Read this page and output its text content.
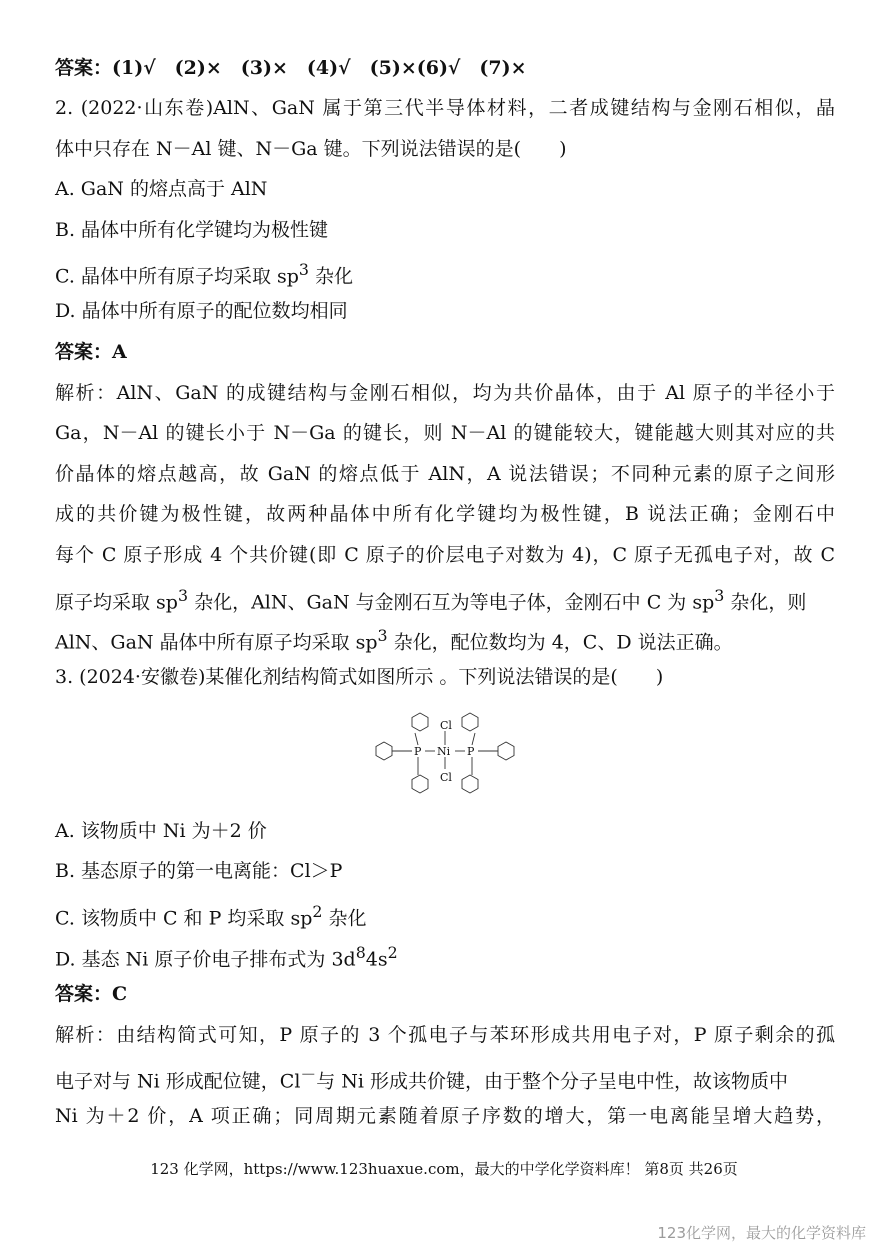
答案：(1)√　(2)×　(3)×　(4)√　(5)×(6)√　(7)×
2. (2022·山东卷)AlN、GaN 属于第三代半导体材料，二者成键结构与金刚石相似，晶
体中只存在 N－Al 键、N－Ga 键。下列说法错误的是(　　)
A. GaN 的熔点高于 AlN
B. 晶体中所有化学键均为极性键
C. 晶体中所有原子均采取 $sp^3$ 杂化
D. 晶体中所有原子的配位数均相同
答案：A
解析：AlN、GaN 的成键结构与金刚石相似，均为共价晶体，由于 Al 原子的半径小于
Ga，N－Al 的键长小于 N－Ga 的键长，则 N－Al 的键能较大，键能越大则其对应的共
价晶体的熔点越高，故 GaN 的熔点低于 AlN，A 说法错误；不同种元素的原子之间形
成的共价键为极性键，故两种晶体中所有化学键均为极性键，B 说法正确；金刚石中
每个 C 原子形成 4 个共价键(即 C 原子的价层电子对数为 4)，C 原子无孤电子对，故 C
原子均采取 $sp^3$ 杂化，AlN、GaN 与金刚石互为等电子体，金刚石中 C 为 $sp^3$ 杂化，则
AlN、GaN 晶体中所有原子均采取 $sp^3$ 杂化，配位数均为 4，C、D 说法正确。
3. (2024·安徽卷)某催化剂结构简式如图所示 。下列说法错误的是(　　)
P Ni P
Cl
Cl
A. 该物质中 Ni 为＋2 价
B. 基态原子的第一电离能：Cl＞P
C. 该物质中 C 和 P 均采取 $sp^2$ 杂化
D. 基态 Ni 原子价电子排布式为 $3d^84s^2$
答案：C
解析：由结构简式可知，P 原子的 3 个孤电子与苯环形成共用电子对，P 原子剩余的孤
电子对与 Ni 形成配位键，Cl－与 Ni 形成共价键，由于整个分子呈电中性，故该物质中
Ni 为＋2 价，A 项正确；同周期元素随着原子序数的增大，第一电离能呈增大趋势，
123 化学网，https://www.123huaxue.com，最大的中学化学资料库！ 第8页 共26页
123化学网，最大的化学资料库
